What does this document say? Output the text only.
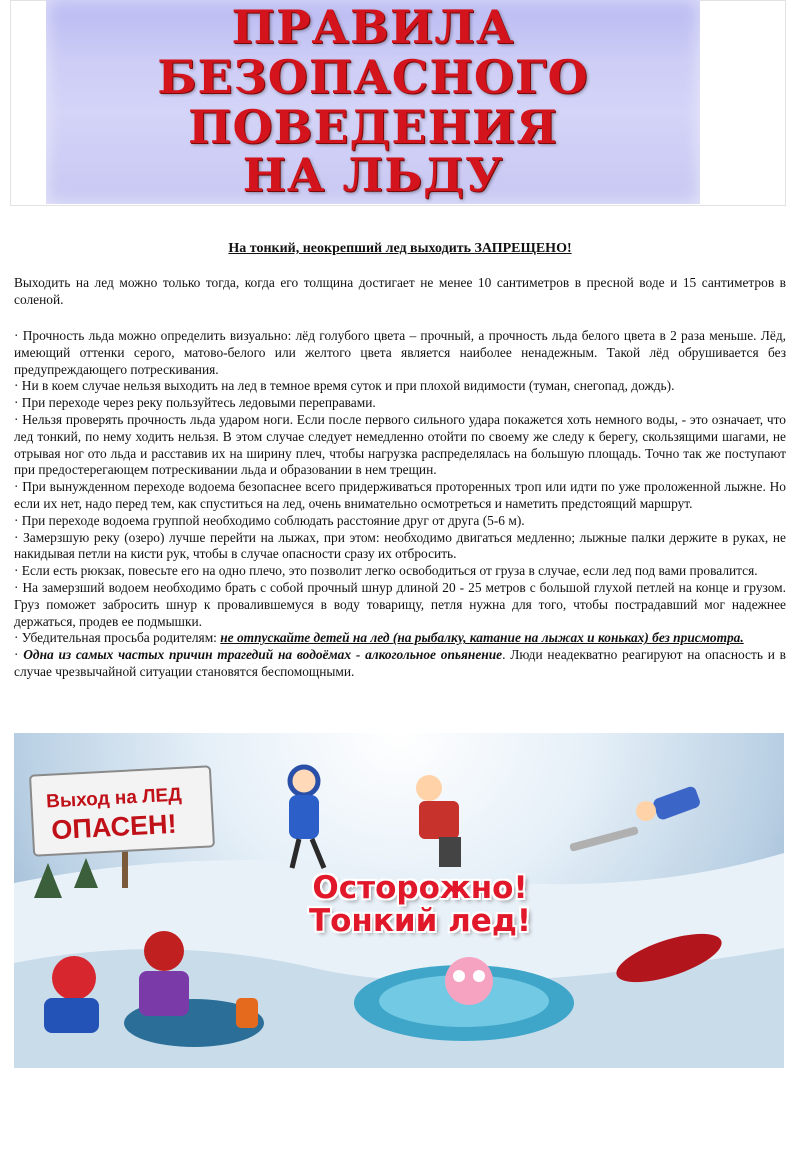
ПРАВИЛА
БЕЗОПАСНОГО
ПОВЕДЕНИЯ
НА ЛЬДУ
На тонкий, неокрепший лед выходить ЗАПРЕЩЕНО!
Выходить на лед можно только тогда, когда его толщина достигает не менее 10 сантиметров в пресной воде и 15 сантиметров в соленой.

· Прочность льда можно определить визуально: лёд голубого цвета – прочный, а прочность льда белого цвета в 2 раза меньше. Лёд, имеющий оттенки серого, матово-белого или желтого цвета является наиболее ненадежным. Такой лёд обрушивается без предупреждающего потрескивания.

· Ни в коем случае нельзя выходить на лед в темное время суток и при плохой видимости (туман, снегопад, дождь).

· При переходе через реку пользуйтесь ледовыми переправами.

· Нельзя проверять прочность льда ударом ноги. Если после первого сильного удара покажется хоть немного воды, - это означает, что лед тонкий, по нему ходить нельзя. В этом случае следует немедленно отойти по своему же следу к берегу, скользящими шагами, не отрывая ног ото льда и расставив их на ширину плеч, чтобы нагрузка распределялась на большую площадь. Точно так же поступают при предостерегающем потрескивании льда и образовании в нем трещин.

· При вынужденном переходе водоема безопаснее всего придерживаться проторенных троп или идти по уже проложенной лыжне. Но если их нет, надо перед тем, как спуститься на лед, очень внимательно осмотреться и наметить предстоящий маршрут.

· При переходе водоема группой необходимо соблюдать расстояние друг от друга (5-6 м).

· Замерзшую реку (озеро) лучше перейти на лыжах, при этом: необходимо двигаться медленно; лыжные палки держите в руках, не накидывая петли на кисти рук, чтобы в случае опасности сразу их отбросить.

· Если есть рюкзак, повесьте его на одно плечо, это позволит легко освободиться от груза в случае, если лед под вами провалится.

· На замерзший водоем необходимо брать с собой прочный шнур длиной 20 - 25 метров с большой глухой петлей на конце и грузом. Груз поможет забросить шнур к провалившемуся в воду товарищу, петля нужна для того, чтобы пострадавший мог надежнее держаться, продев ее подмышки.

· Убедительная просьба родителям: не отпускайте детей на лед (на рыбалку, катание на лыжах и коньках) без присмотра.

· Одна из самых частых причин трагедий на водоёмах - алкогольное опьянение. Люди неадекватно реагируют на опасность и в случае чрезвычайной ситуации становятся беспомощными.

Выход на ЛЕД
ОПАСЕН!
Осторожно!
Тонкий лед!
